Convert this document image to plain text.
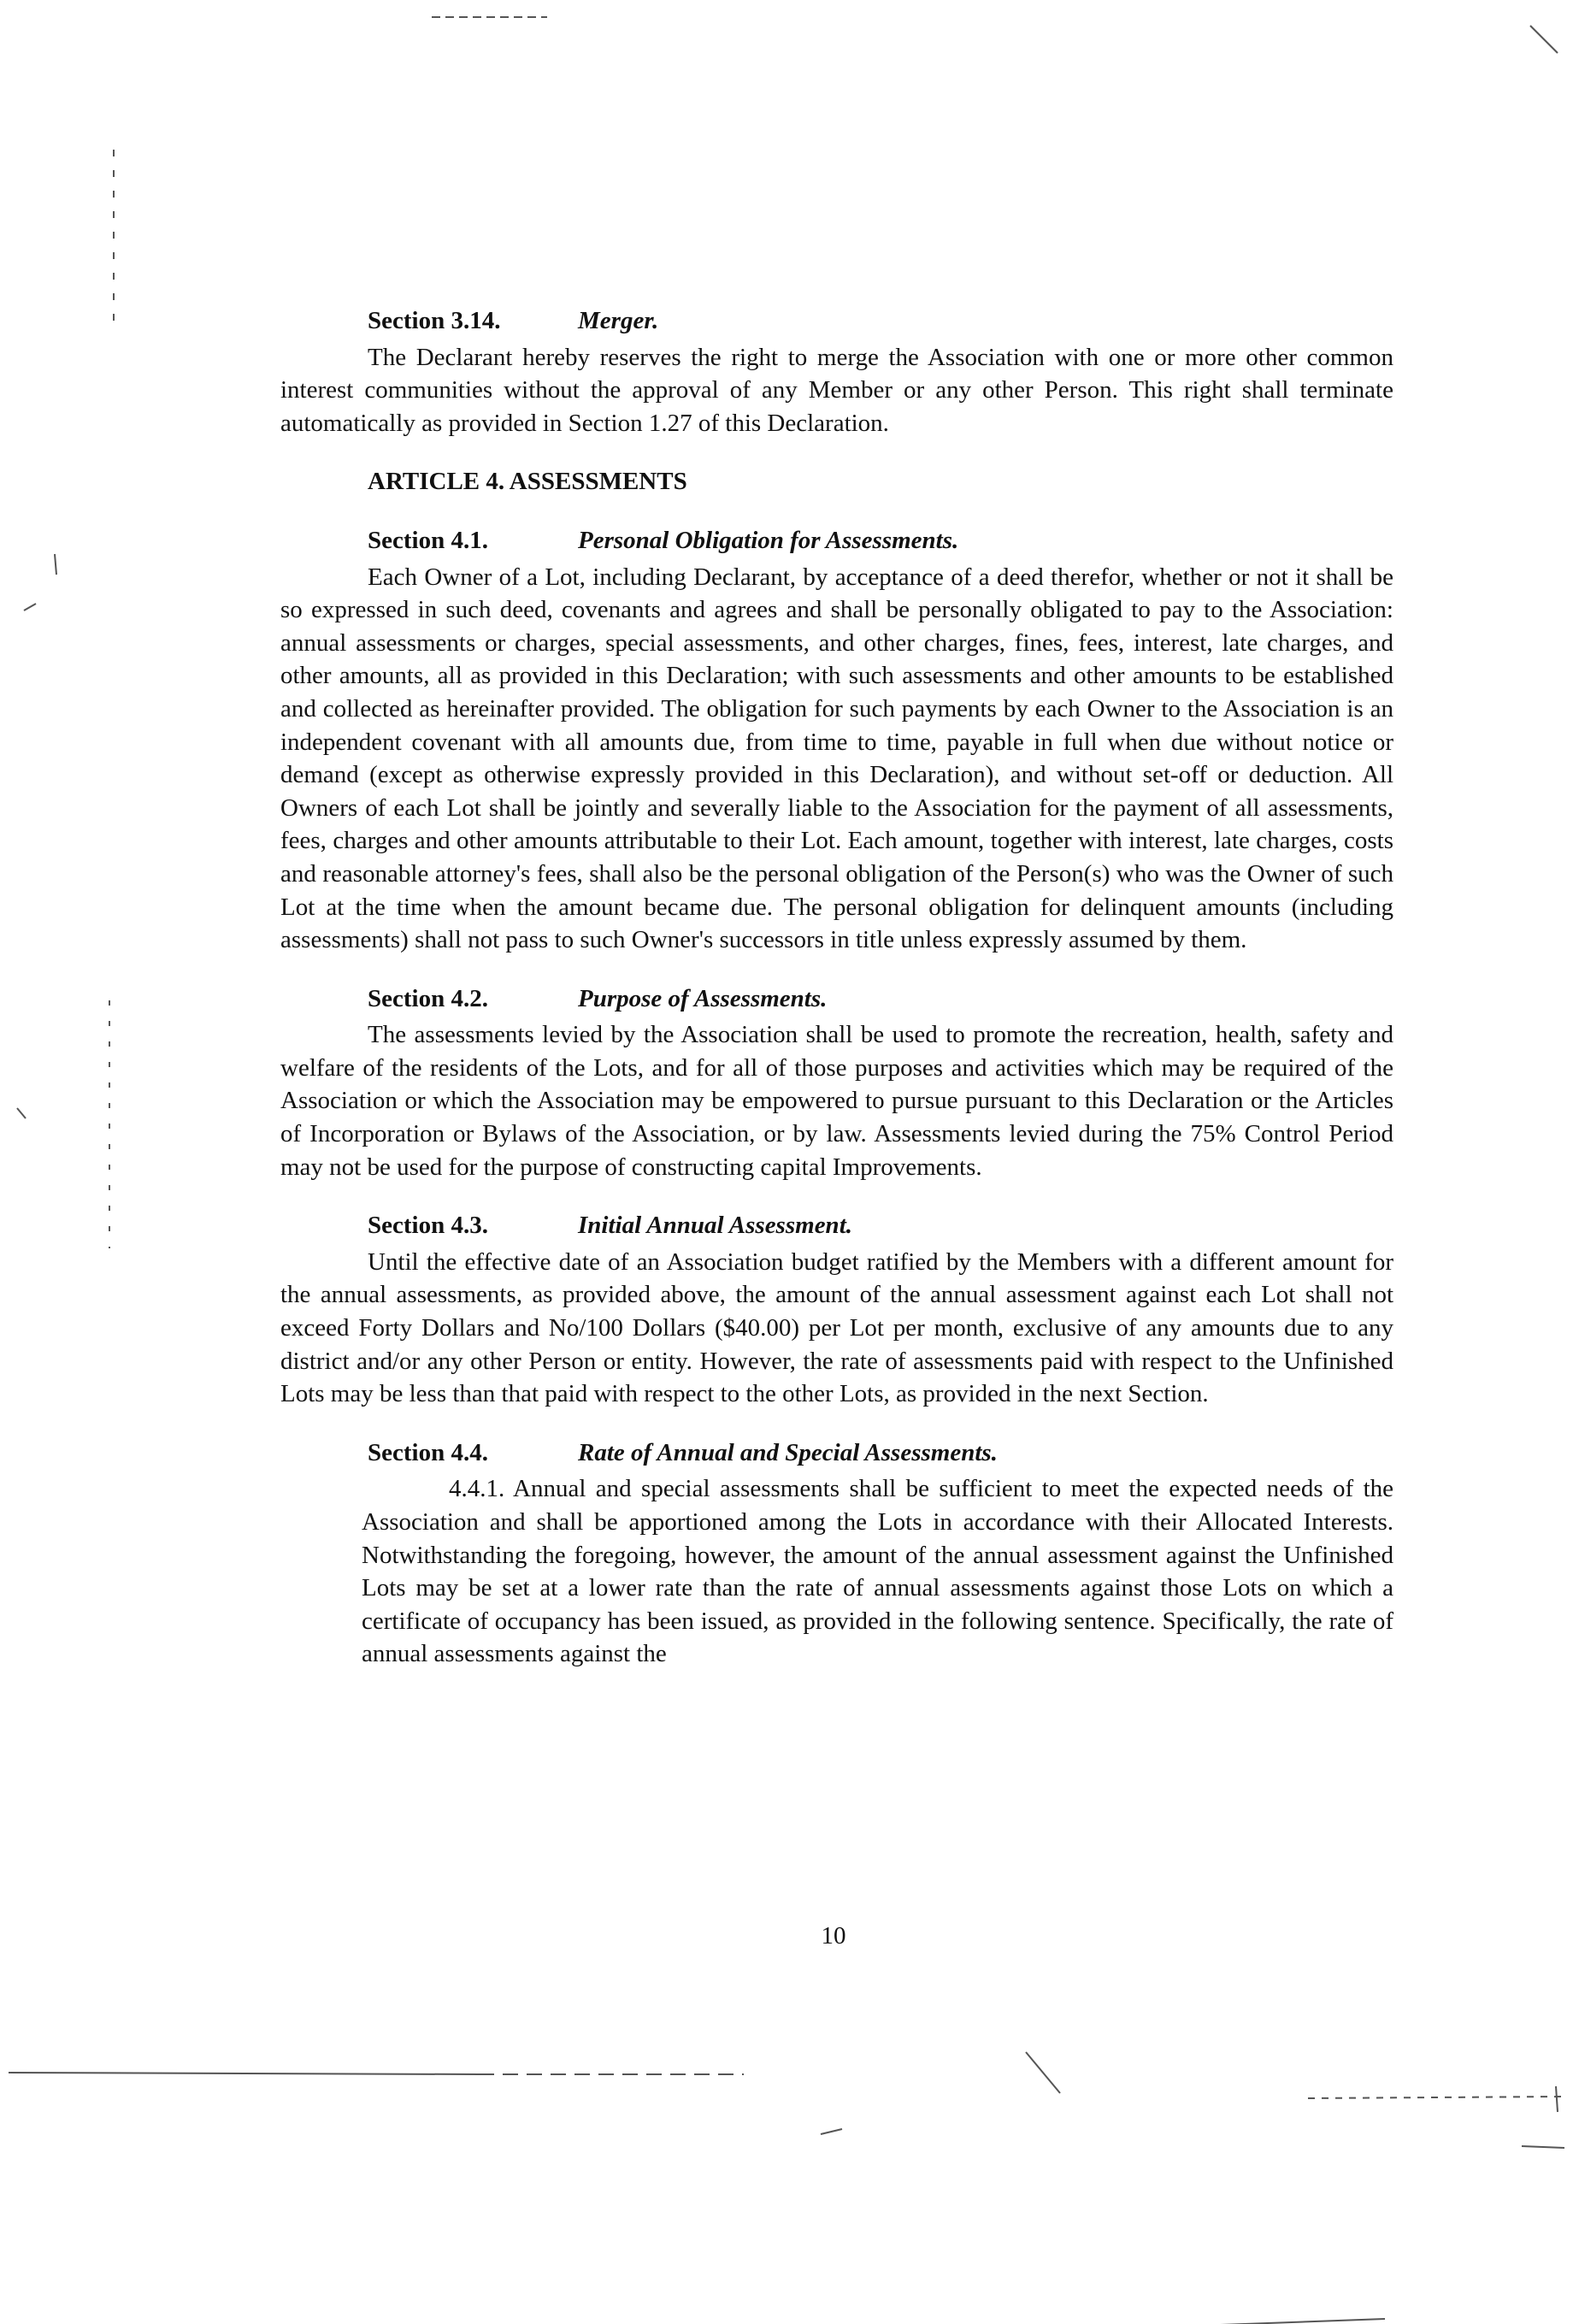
Section 3.14.	Merger.

The Declarant hereby reserves the right to merge the Association with one or more other common interest communities without the approval of any Member or any other Person. This right shall terminate automatically as provided in Section 1.27 of this Declaration.

ARTICLE 4. ASSESSMENTS
Section 4.1.	Personal Obligation for Assessments.

Each Owner of a Lot, including Declarant, by acceptance of a deed therefor, whether or not it shall be so expressed in such deed, covenants and agrees and shall be personally obligated to pay to the Association: annual assessments or charges, special assessments, and other charges, fines, fees, interest, late charges, and other amounts, all as provided in this Declaration; with such assessments and other amounts to be established and collected as hereinafter provided. The obligation for such payments by each Owner to the Association is an independent covenant with all amounts due, from time to time, payable in full when due without notice or demand (except as otherwise expressly provided in this Declaration), and without set-off or deduction. All Owners of each Lot shall be jointly and severally liable to the Association for the payment of all assessments, fees, charges and other amounts attributable to their Lot. Each amount, together with interest, late charges, costs and reasonable attorney's fees, shall also be the personal obligation of the Person(s) who was the Owner of such Lot at the time when the amount became due. The personal obligation for delinquent amounts (including assessments) shall not pass to such Owner's successors in title unless expressly assumed by them.

Section 4.2.	Purpose of Assessments.

The assessments levied by the Association shall be used to promote the recreation, health, safety and welfare of the residents of the Lots, and for all of those purposes and activities which may be required of the Association or which the Association may be empowered to pursue pursuant to this Declaration or the Articles of Incorporation or Bylaws of the Association, or by law. Assessments levied during the 75% Control Period may not be used for the purpose of constructing capital Improvements.

Section 4.3.	Initial Annual Assessment.

Until the effective date of an Association budget ratified by the Members with a different amount for the annual assessments, as provided above, the amount of the annual assessment against each Lot shall not exceed Forty Dollars and No/100 Dollars ($40.00) per Lot per month, exclusive of any amounts due to any district and/or any other Person or entity. However, the rate of assessments paid with respect to the Unfinished Lots may be less than that paid with respect to the other Lots, as provided in the next Section.

Section 4.4.	Rate of Annual and Special Assessments.

4.4.1. Annual and special assessments shall be sufficient to meet the expected needs of the Association and shall be apportioned among the Lots in accordance with their Allocated Interests. Notwithstanding the foregoing, however, the amount of the annual assessment against the Unfinished Lots may be set at a lower rate than the rate of annual assessments against those Lots on which a certificate of occupancy has been issued, as provided in the following sentence. Specifically, the rate of annual assessments against the

10
